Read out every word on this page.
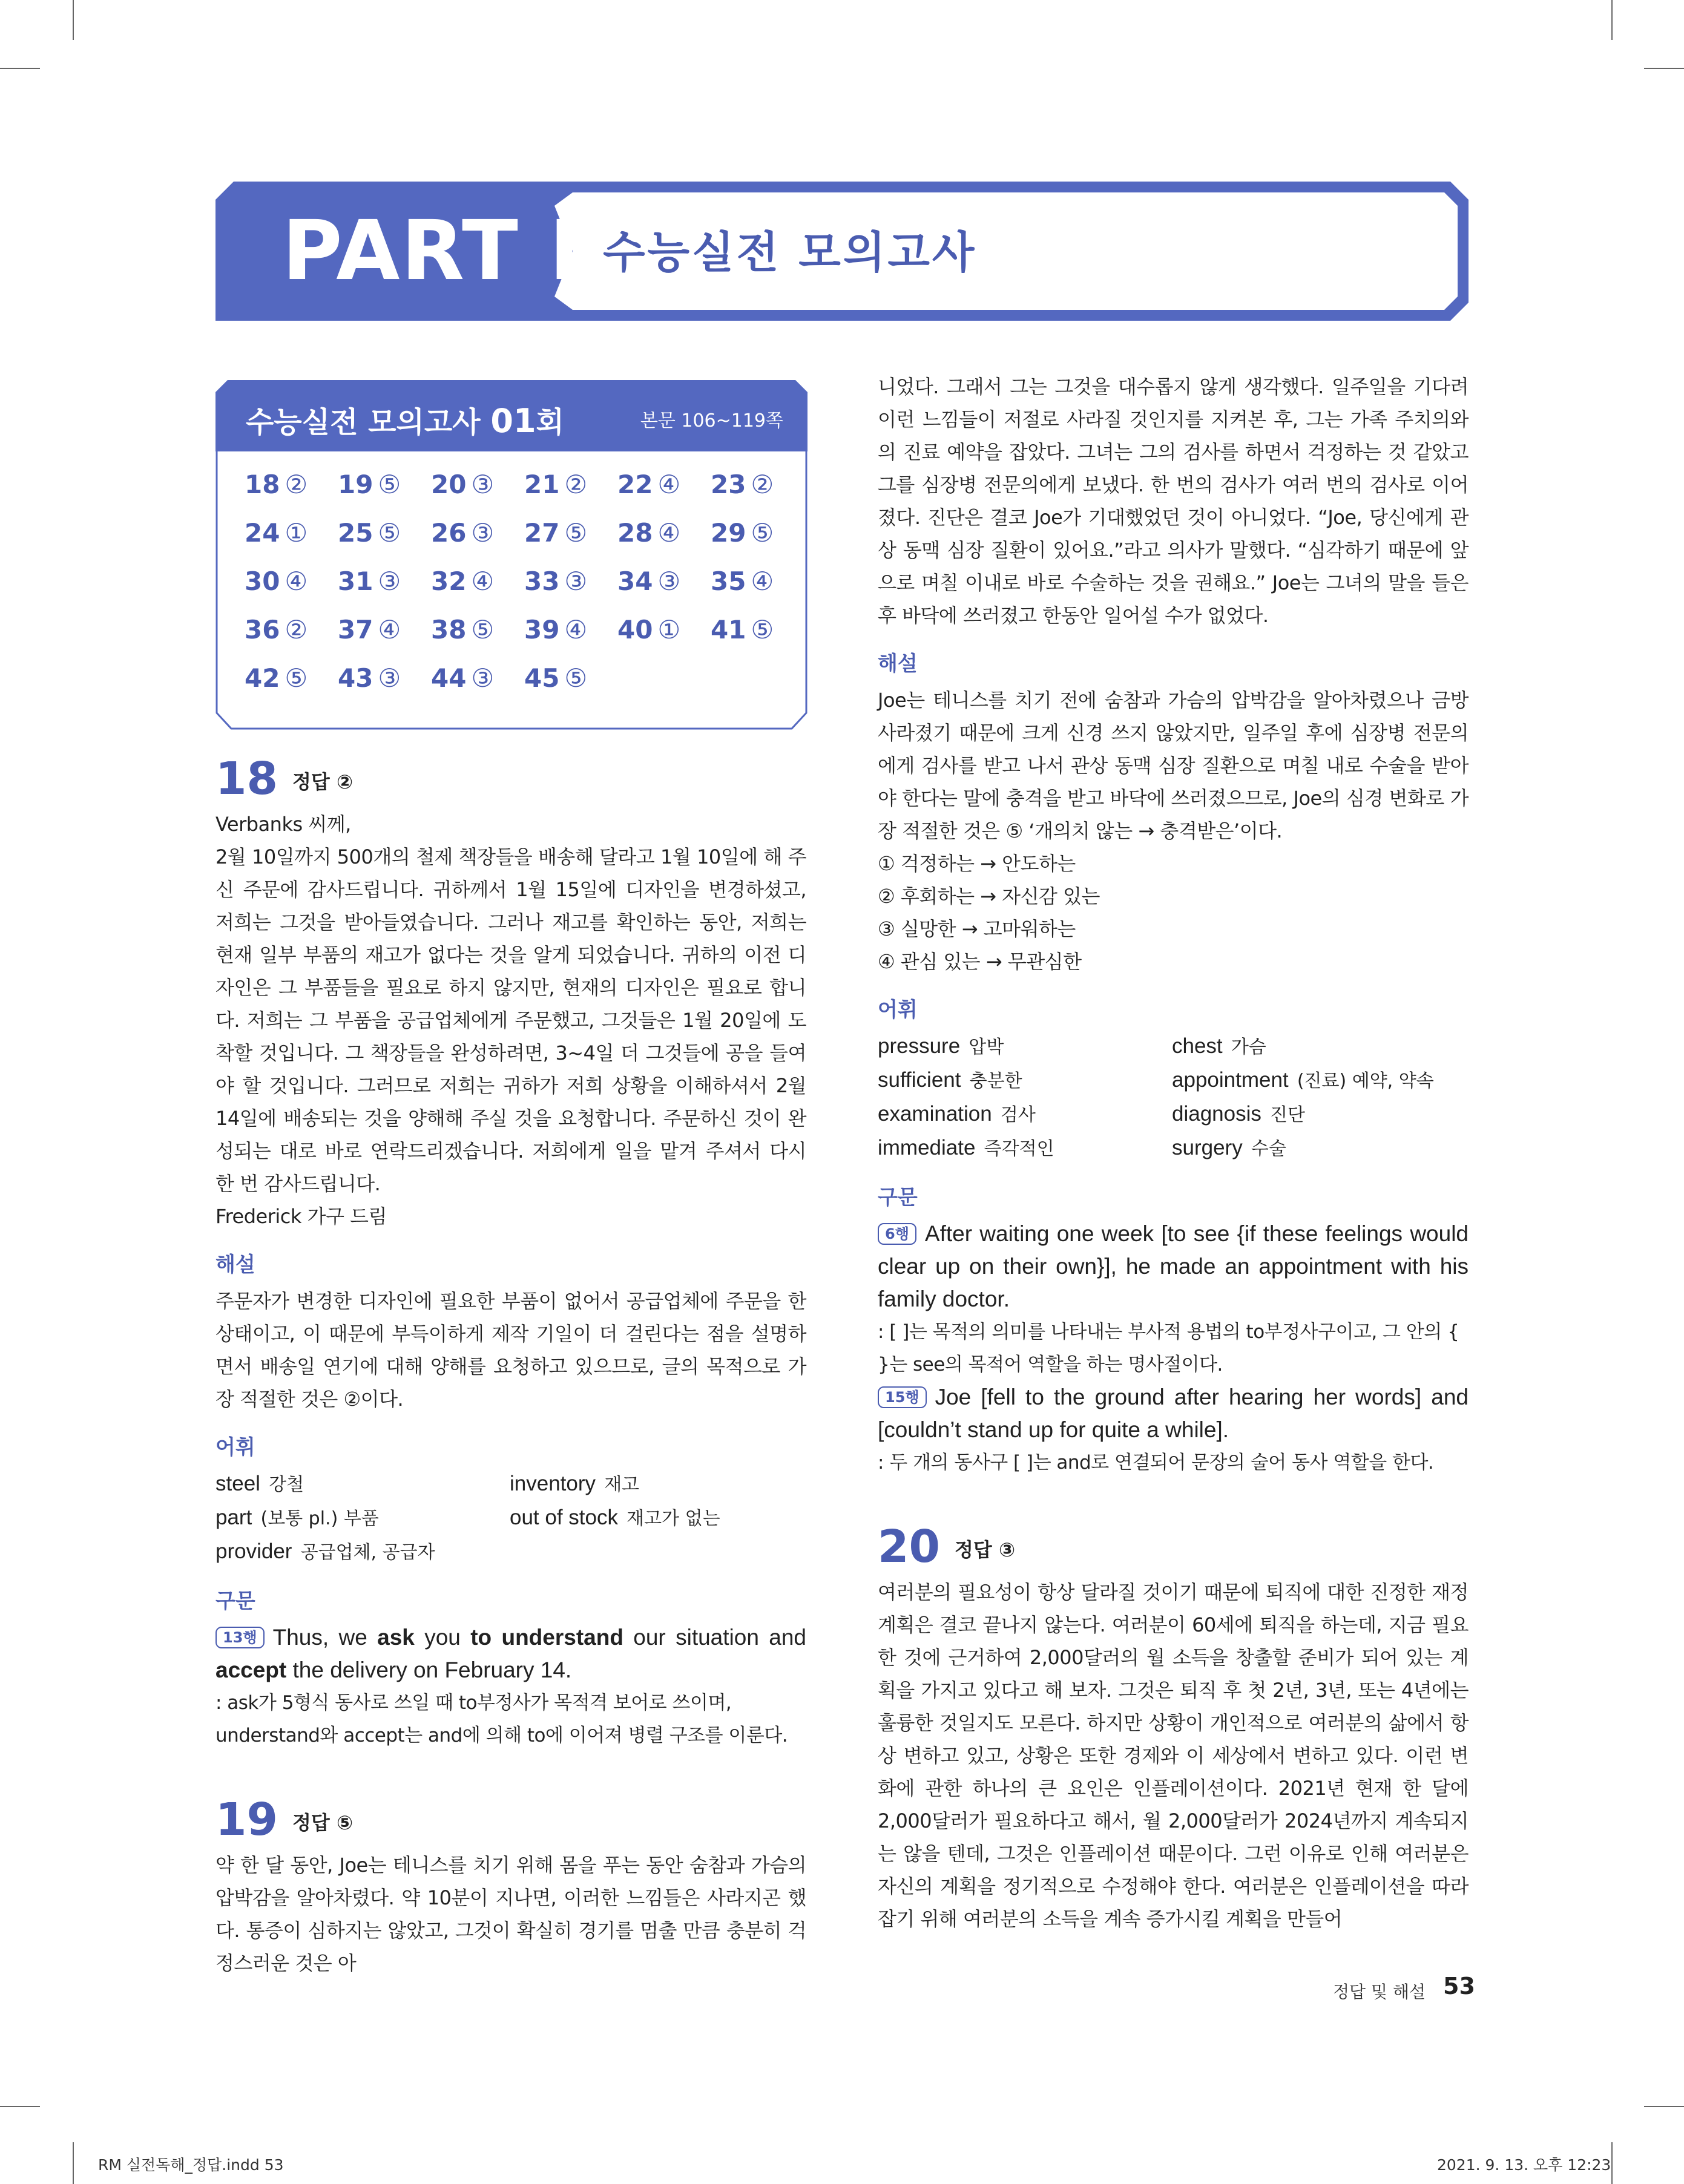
PART Ⅱ
수능실전 모의고사
수능실전 모의고사 01회	본문 106~119쪽
18 ②	19 ⑤	20 ③	21 ②	22 ④	23 ②
24 ①	25 ⑤	26 ③	27 ⑤	28 ④	29 ⑤
30 ④	31 ③	32 ④	33 ③	34 ③	35 ④
36 ②	37 ④	38 ⑤	39 ④	40 ①	41 ⑤
42 ⑤	43 ③	44 ③	45 ⑤
18 정답 ②
Verbanks 씨께,
2월 10일까지 500개의 철제 책장들을 배송해 달라고 1월 10일에 해 주신 주문에 감사드립니다. 귀하께서 1월 15일에 디자인을 변경하셨고, 저희는 그것을 받아들였습니다. 그러나 재고를 확인하는 동안, 저희는 현재 일부 부품의 재고가 없다는 것을 알게 되었습니다. 귀하의 이전 디자인은 그 부품들을 필요로 하지 않지만, 현재의 디자인은 필요로 합니다. 저희는 그 부품을 공급업체에게 주문했고, 그것들은 1월 20일에 도착할 것입니다. 그 책장들을 완성하려면, 3~4일 더 그것들에 공을 들여야 할 것입니다. 그러므로 저희는 귀하가 저희 상황을 이해하셔서 2월 14일에 배송되는 것을 양해해 주실 것을 요청합니다. 주문하신 것이 완성되는 대로 바로 연락드리겠습니다. 저희에게 일을 맡겨 주셔서 다시 한 번 감사드립니다.
Frederick 가구 드림
해설
주문자가 변경한 디자인에 필요한 부품이 없어서 공급업체에 주문을 한 상태이고, 이 때문에 부득이하게 제작 기일이 더 걸린다는 점을 설명하면서 배송일 연기에 대해 양해를 요청하고 있으므로, 글의 목적으로 가장 적절한 것은 ②이다.
어휘
steel 강철	inventory 재고
part (보통 pl.) 부품	out of stock 재고가 없는
provider 공급업체, 공급자
구문
13행 Thus, we ask you to understand our situation and accept the delivery on February 14.
: ask가 5형식 동사로 쓰일 때 to부정사가 목적격 보어로 쓰이며, understand와 accept는 and에 의해 to에 이어져 병렬 구조를 이룬다.
19 정답 ⑤
약 한 달 동안, Joe는 테니스를 치기 위해 몸을 푸는 동안 숨참과 가슴의 압박감을 알아차렸다. 약 10분이 지나면, 이러한 느낌들은 사라지곤 했다. 통증이 심하지는 않았고, 그것이 확실히 경기를 멈출 만큼 충분히 걱정스러운 것은 아
니었다. 그래서 그는 그것을 대수롭지 않게 생각했다. 일주일을 기다려 이런 느낌들이 저절로 사라질 것인지를 지켜본 후, 그는 가족 주치의와의 진료 예약을 잡았다. 그녀는 그의 검사를 하면서 걱정하는 것 같았고 그를 심장병 전문의에게 보냈다. 한 번의 검사가 여러 번의 검사로 이어졌다. 진단은 결코 Joe가 기대했었던 것이 아니었다. “Joe, 당신에게 관상 동맥 심장 질환이 있어요.”라고 의사가 말했다. “심각하기 때문에 앞으로 며칠 이내로 바로 수술하는 것을 권해요.” Joe는 그녀의 말을 들은 후 바닥에 쓰러졌고 한동안 일어설 수가 없었다.
해설
Joe는 테니스를 치기 전에 숨참과 가슴의 압박감을 알아차렸으나 금방 사라졌기 때문에 크게 신경 쓰지 않았지만, 일주일 후에 심장병 전문의에게 검사를 받고 나서 관상 동맥 심장 질환으로 며칠 내로 수술을 받아야 한다는 말에 충격을 받고 바닥에 쓰러졌으므로, Joe의 심경 변화로 가장 적절한 것은 ⑤ ‘개의치 않는 → 충격받은’이다.
① 걱정하는 → 안도하는
② 후회하는 → 자신감 있는
③ 실망한 → 고마워하는
④ 관심 있는 → 무관심한
어휘
pressure 압박	chest 가슴
sufficient 충분한	appointment (진료) 예약, 약속
examination 검사	diagnosis 진단
immediate 즉각적인	surgery 수술
구문
6행 After waiting one week [to see {if these feelings would clear up on their own}], he made an appointment with his family doctor.
: [ ]는 목적의 의미를 나타내는 부사적 용법의 to부정사구이고, 그 안의 { }는 see의 목적어 역할을 하는 명사절이다.
15행 Joe [fell to the ground after hearing her words] and [couldn’t stand up for quite a while].
: 두 개의 동사구 [ ]는 and로 연결되어 문장의 술어 동사 역할을 한다.
20 정답 ③
여러분의 필요성이 항상 달라질 것이기 때문에 퇴직에 대한 진정한 재정 계획은 결코 끝나지 않는다. 여러분이 60세에 퇴직을 하는데, 지금 필요한 것에 근거하여 2,000달러의 월 소득을 창출할 준비가 되어 있는 계획을 가지고 있다고 해 보자. 그것은 퇴직 후 첫 2년, 3년, 또는 4년에는 훌륭한 것일지도 모른다. 하지만 상황이 개인적으로 여러분의 삶에서 항상 변하고 있고, 상황은 또한 경제와 이 세상에서 변하고 있다. 이런 변화에 관한 하나의 큰 요인은 인플레이션이다. 2021년 현재 한 달에 2,000달러가 필요하다고 해서, 월 2,000달러가 2024년까지 계속되지는 않을 텐데, 그것은 인플레이션 때문이다. 그런 이유로 인해 여러분은 자신의 계획을 정기적으로 수정해야 한다. 여러분은 인플레이션을 따라잡기 위해 여러분의 소득을 계속 증가시킬 계획을 만들어
정답 및 해설 53
RM 실전독해_정답.indd 53	2021. 9. 13. 오후 12:23
